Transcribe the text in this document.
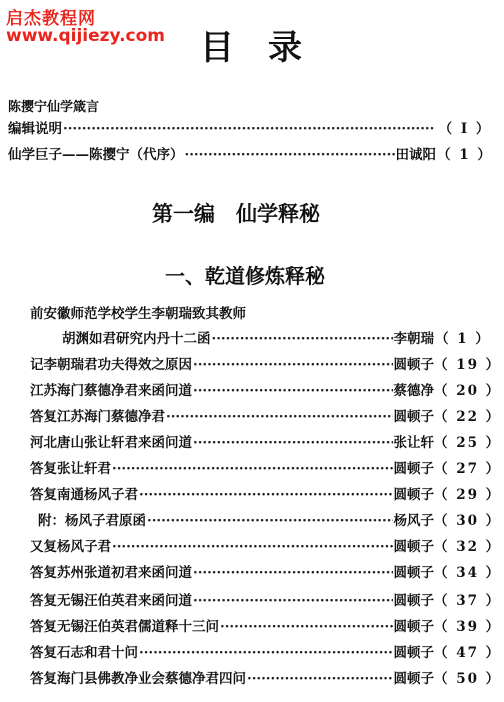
启杰教程网
www.qijiezy.com 目录
陈撄宁仙学箴言
编辑说明 ·····	（ I ）
仙学巨子——陈撄宁（代序） ·····	田诚阳 （ 1 ）
第一编　仙学释秘
一、乾道修炼释秘
前安徽师范学校学生李朝瑞致其教师
胡渊如君研究内丹十二函 ·····	李朝瑞 （ 1 ）
记李朝瑞君功夫得效之原因 ·····	圆顿子 （ 19 ）
江苏海门蔡德净君来函问道 ·····	蔡德净 （ 20 ）
答复江苏海门蔡德净君 ·····	圆顿子 （ 22 ）
河北唐山张让轩君来函问道 ·····	张让轩 （ 25 ）
答复张让轩君 ·····	圆顿子 （ 27 ）
答复南通杨风子君 ·····	圆顿子 （ 29 ）
附：杨风子君原函 ·····	杨风子 （ 30 ）
又复杨风子君 ·····	圆顿子 （ 32 ）
答复苏州张道初君来函问道 ·····	圆顿子 （ 34 ）
答复无锡汪伯英君来函问道 ·····	圆顿子 （ 37 ）
答复无锡汪伯英君儒道释十三问 ·····	圆顿子 （ 39 ）
答复石志和君十问 ·····	圆顿子 （ 47 ）
答复海门县佛教净业会蔡德净君四问 ·····	圆顿子 （ 50 ）
